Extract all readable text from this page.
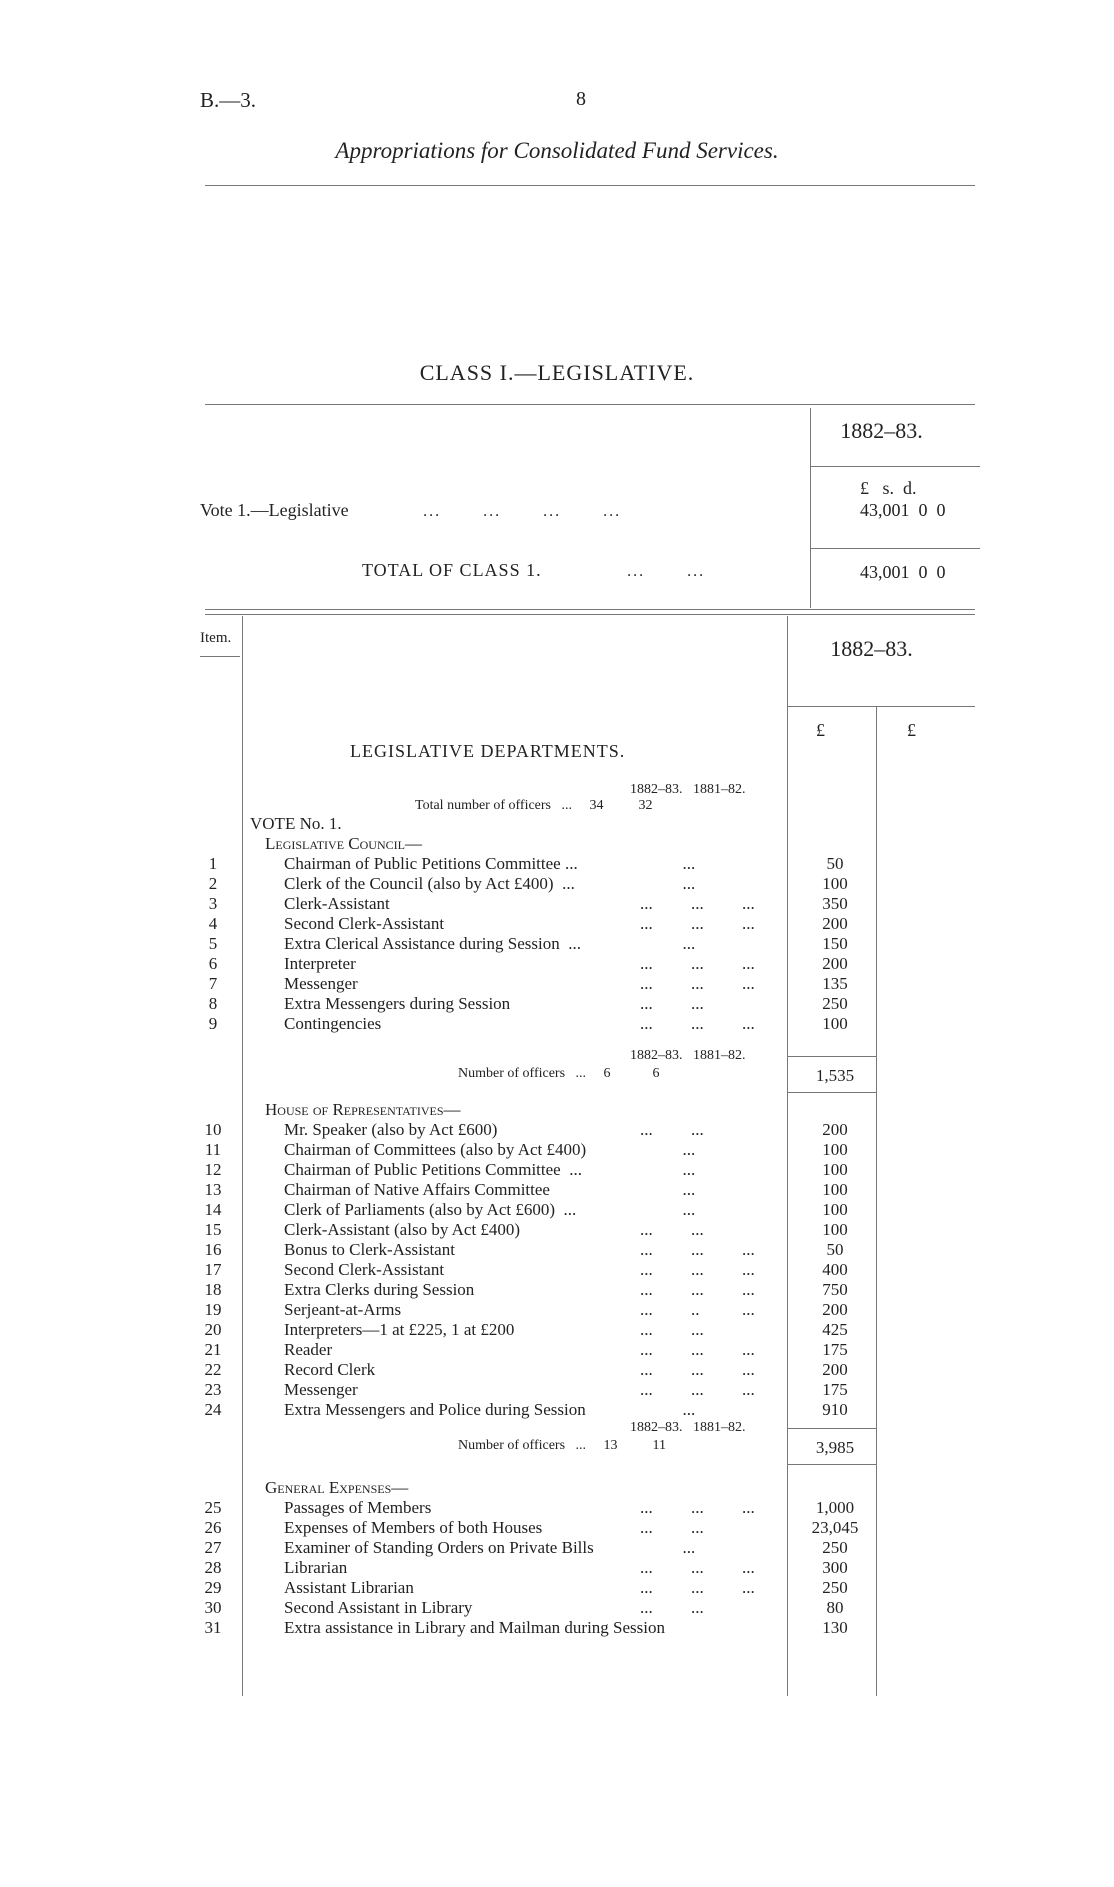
B.—3.	8
Appropriations for Consolidated Fund Services.
CLASS I.—LEGISLATIVE.
1882–83.
£   s.  d.
Vote 1.—Legislative	...       ...       ...       ...	43,001  0  0
TOTAL OF CLASS 1.	...       ...	43,001  0  0
Item.	1882–83.
£	£
LEGISLATIVE DEPARTMENTS.
1882–83.   1881–82.
Total number of officers   ...     34          32
VOTE No. 1.
Legislative Council—
1	Chairman of Public Petitions Committee ...	...	50
2	Clerk of the Council (also by Act £400)  ...	...	100
3	Clerk-Assistant	...         ...         ...	350
4	Second Clerk-Assistant	...         ...         ...	200
5	Extra Clerical Assistance during Session  ...	...	150
6	Interpreter	...         ...         ...	200
7	Messenger	...         ...         ...	135
8	Extra Messengers during Session	...         ...	250
9	Contingencies	...         ...         ...	100
1882–83.   1881–82.
Number of officers   ...     6            6	1,535
House of Representatives—
10	Mr. Speaker (also by Act £600)	...         ...	200
11	Chairman of Committees (also by Act £400)	...	100
12	Chairman of Public Petitions Committee  ...	...	100
13	Chairman of Native Affairs Committee	...	100
14	Clerk of Parliaments (also by Act £600)  ...	...	100
15	Clerk-Assistant (also by Act £400)	...         ...	100
16	Bonus to Clerk-Assistant	...         ...         ...	50
17	Second Clerk-Assistant	...         ...         ...	400
18	Extra Clerks during Session	...         ...         ...	750
19	Serjeant-at-Arms	...         ..          ...	200
20	Interpreters—1 at £225, 1 at £200	...         ...	425
21	Reader	...         ...         ...	175
22	Record Clerk	...         ...         ...	200
23	Messenger	...         ...         ...	175
24	Extra Messengers and Police during Session	...	910
1882–83.   1881–82.
Number of officers   ...     13          11	3,985
General Expenses—
25	Passages of Members	...         ...         ...	1,000
26	Expenses of Members of both Houses	...         ...	23,045
27	Examiner of Standing Orders on Private Bills	...	250
28	Librarian	...         ...         ...	300
29	Assistant Librarian	...         ...         ...	250
30	Second Assistant in Library	...         ...	80
31	Extra assistance in Library and Mailman during Session	130
